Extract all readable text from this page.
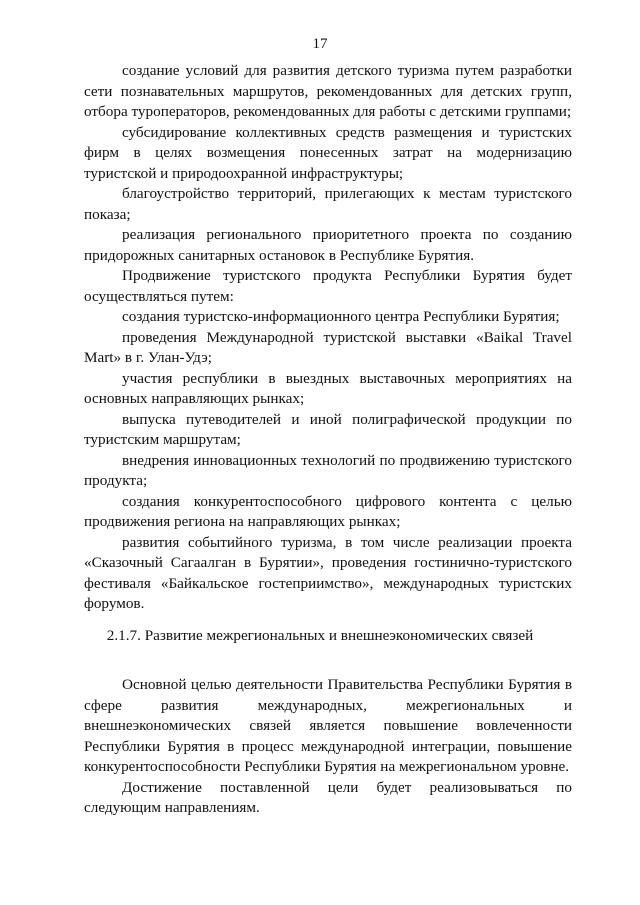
17

создание условий для развития детского туризма путем разработки сети познавательных маршрутов, рекомендованных для детских групп, отбора туроператоров, рекомендованных для работы с детскими группами;

субсидирование коллективных средств размещения и туристских фирм в целях возмещения понесенных затрат на модернизацию туристской и природоохранной инфраструктуры;

благоустройство территорий, прилегающих к местам туристского показа;

реализация регионального приоритетного проекта по созданию придорожных санитарных остановок в Республике Бурятия.

Продвижение туристского продукта Республики Бурятия будет осуществляться путем:

создания туристско-информационного центра Республики Бурятия;

проведения Международной туристской выставки «Baikal Travel Mart» в г. Улан-Удэ;

участия республики в выездных выставочных мероприятиях на основных направляющих рынках;

выпуска путеводителей и иной полиграфической продукции по туристским маршрутам;

внедрения инновационных технологий по продвижению туристского продукта;

создания конкурентоспособного цифрового контента с целью продвижения региона на направляющих рынках;

развития событийного туризма, в том числе реализации проекта «Сказочный Сагаалган в Бурятии», проведения гостинично-туристского фестиваля «Байкальское гостеприимство», международных туристских форумов.

2.1.7. Развитие межрегиональных и внешнеэкономических связей

Основной целью деятельности Правительства Республики Бурятия в сфере развития международных, межрегиональных и внешнеэкономических связей является повышение вовлеченности Республики Бурятия в процесс международной интеграции, повышение конкурентоспособности Республики Бурятия на межрегиональном уровне.

Достижение поставленной цели будет реализовываться по следующим направлениям.
